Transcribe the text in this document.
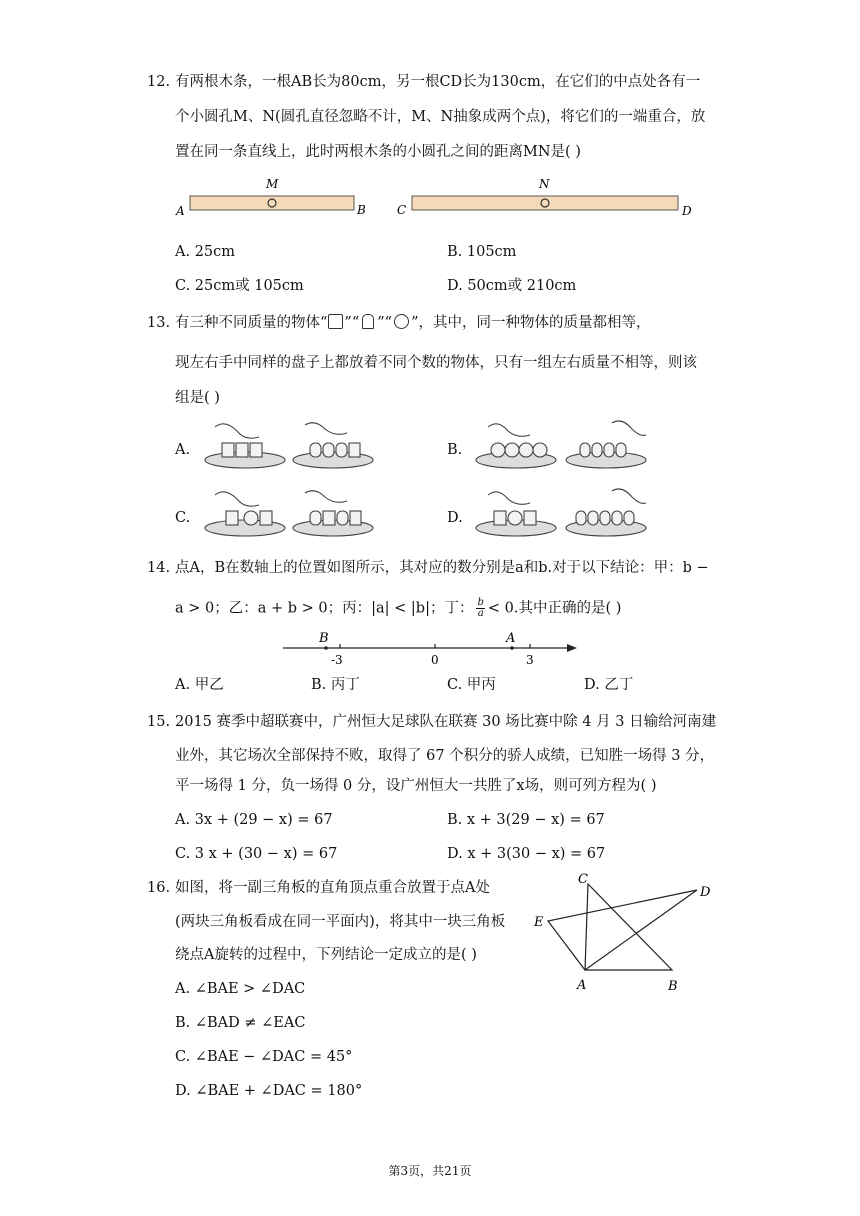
12. 有两根木条，一根AB长为80cm，另一根CD长为130cm，在它们的中点处各有一
个小圆孔M、N(圆孔直径忽略不计，M、N抽象成两个点)，将它们的一端重合，放
置在同一条直线上，此时两根木条的小圆孔之间的距离MN是( )
A	B	C	D
M	N
A. 25cm	B. 105cm
C. 25cm或 105cm	D. 50cm或 210cm
13. 有三种不同质量的物体“ ”“ ”“ ”，其中，同一种物体的质量都相等，
现左右手中同样的盘子上都放着不同个数的物体，只有一组左右质量不相等，则该
组是( )
A.	B.
C.	D.
14. 点A，B在数轴上的位置如图所示，其对应的数分别是a和b.对于以下结论：甲：b −
a > 0；乙：a + b > 0；丙：|a| < |b|；丁： $\frac{b}{a} < 0$.其中正确的是( )
B	A
-3	0	3
A. 甲乙	B. 丙丁	C. 甲丙	D. 乙丁
15. 2015 赛季中超联赛中，广州恒大足球队在联赛 30 场比赛中除 4 月 3 日输给河南建
业外，其它场次全部保持不败，取得了 67 个积分的骄人成绩，已知胜一场得 3 分，
平一场得 1 分，负一场得 0 分，设广州恒大一共胜了x场，则可列方程为( )
A. 3x + (29 − x) = 67	B. x + 3(29 − x) = 67
C. 3 x + (30 − x) = 67	D. x + 3(30 − x) = 67
16. 如图，将一副三角板的直角顶点重合放置于点A处
(两块三角板看成在同一平面内)，将其中一块三角板
绕点A旋转的过程中，下列结论一定成立的是( )
A. ∠BAE > ∠DAC
B. ∠BAD ≠ ∠EAC
C. ∠BAE − ∠DAC = 45°
D. ∠BAE + ∠DAC = 180°
A	B
C
D
E
第3页，共21页
